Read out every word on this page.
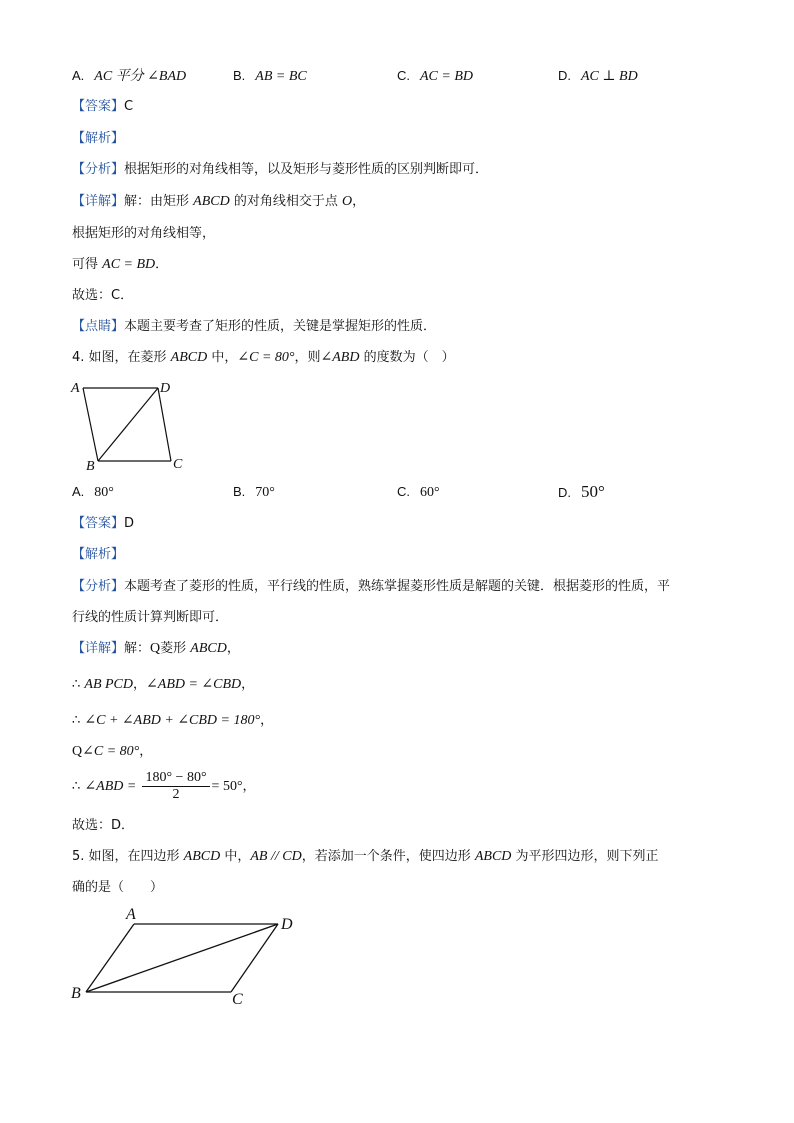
A. AC 平分 ∠BAD	B. AB = BC	C. AC = BD	D. AC ⊥ BD
【答案】C
【解析】
【分析】根据矩形的对角线相等，以及矩形与菱形性质的区别判断即可．
【详解】解：由矩形 ABCD 的对角线相交于点 O，
根据矩形的对角线相等，
可得 AC = BD．
故选：C．
【点睛】本题主要考查了矩形的性质，关键是掌握矩形的性质．
4. 如图，在菱形 ABCD 中，∠C = 80°，则∠ABD 的度数为（　）
A	D
B	C
A. 80°	B. 70°	C. 60°	D. 50°
【答案】D
【解析】
【分析】本题考查了菱形的性质，平行线的性质，熟练掌握菱形性质是解题的关键．根据菱形的性质，平
行线的性质计算判断即可．
【详解】解：Q菱形 ABCD，
∴ AB PCD，∠ABD = ∠CBD，
∴ ∠C + ∠ABD + ∠CBD = 180°，
Q∠C = 80°，
∴ ∠ABD = $\frac{180^\circ - 80^\circ}{2} = 50^\circ$，
故选：D．
5. 如图，在四边形 ABCD 中，AB // CD，若添加一个条件，使四边形 ABCD 为平形四边形，则下列正
确的是（　　）
A
D
B	C
